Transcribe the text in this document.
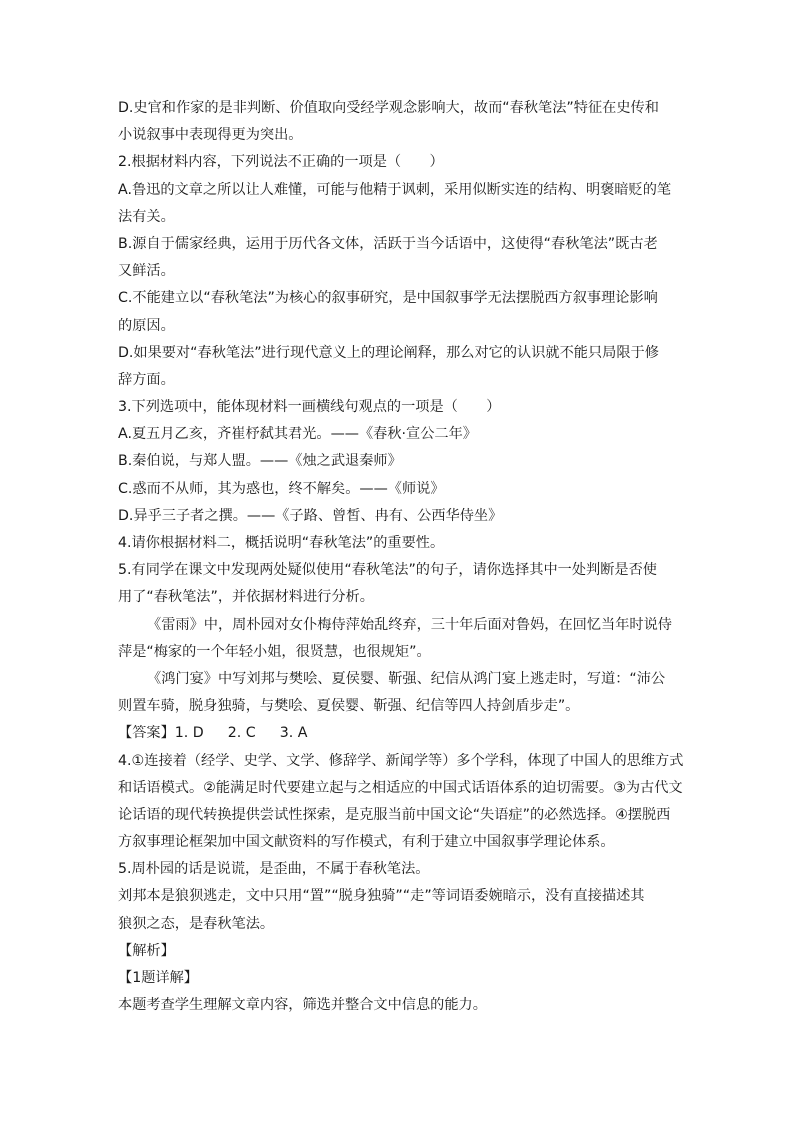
D.史官和作家的是非判断、价值取向受经学观念影响大，故而“春秋笔法”特征在史传和
小说叙事中表现得更为突出。
2.根据材料内容，下列说法不正确的一项是（　　）
A.鲁迅的文章之所以让人难懂，可能与他精于讽刺，采用似断实连的结构、明褒暗贬的笔
法有关。
B.源自于儒家经典，运用于历代各文体，活跃于当今话语中，这使得“春秋笔法”既古老
又鲜活。
C.不能建立以“春秋笔法”为核心的叙事研究，是中国叙事学无法摆脱西方叙事理论影响
的原因。
D.如果要对“春秋笔法”进行现代意义上的理论阐释，那么对它的认识就不能只局限于修
辞方面。
3.下列选项中，能体现材料一画横线句观点的一项是（　　）
A.夏五月乙亥，齐崔杼弑其君光。——《春秋·宣公二年》
B.秦伯说，与郑人盟。——《烛之武退秦师》
C.惑而不从师，其为惑也，终不解矣。——《师说》
D.异乎三子者之撰。——《子路、曾皙、冉有、公西华侍坐》
4.请你根据材料二，概括说明“春秋笔法”的重要性。
5.有同学在课文中发现两处疑似使用“春秋笔法”的句子，请你选择其中一处判断是否使
用了“春秋笔法”，并依据材料进行分析。
《雷雨》中，周朴园对女仆梅侍萍始乱终弃，三十年后面对鲁妈，在回忆当年时说侍
萍是“梅家的一个年轻小姐，很贤慧，也很规矩”。
《鸿门宴》中写刘邦与樊哙、夏侯婴、靳强、纪信从鸿门宴上逃走时，写道：“沛公
则置车骑，脱身独骑，与樊哙、夏侯婴、靳强、纪信等四人持剑盾步走”。
【答案】1. D 2. C 3. A
4.①连接着（经学、史学、文学、修辞学、新闻学等）多个学科，体现了中国人的思维方式
和话语模式。②能满足时代要建立起与之相适应的中国式话语体系的迫切需要。③为古代文
论话语的现代转换提供尝试性探索，是克服当前中国文论“失语症”的必然选择。④摆脱西
方叙事理论框架加中国文献资料的写作模式，有利于建立中国叙事学理论体系。
5.周朴园的话是说谎，是歪曲，不属于春秋笔法。
刘邦本是狼狈逃走，文中只用“置”“脱身独骑”“走”等词语委婉暗示，没有直接描述其
狼狈之态，是春秋笔法。
【解析】
【1题详解】
本题考查学生理解文章内容，筛选并整合文中信息的能力。
